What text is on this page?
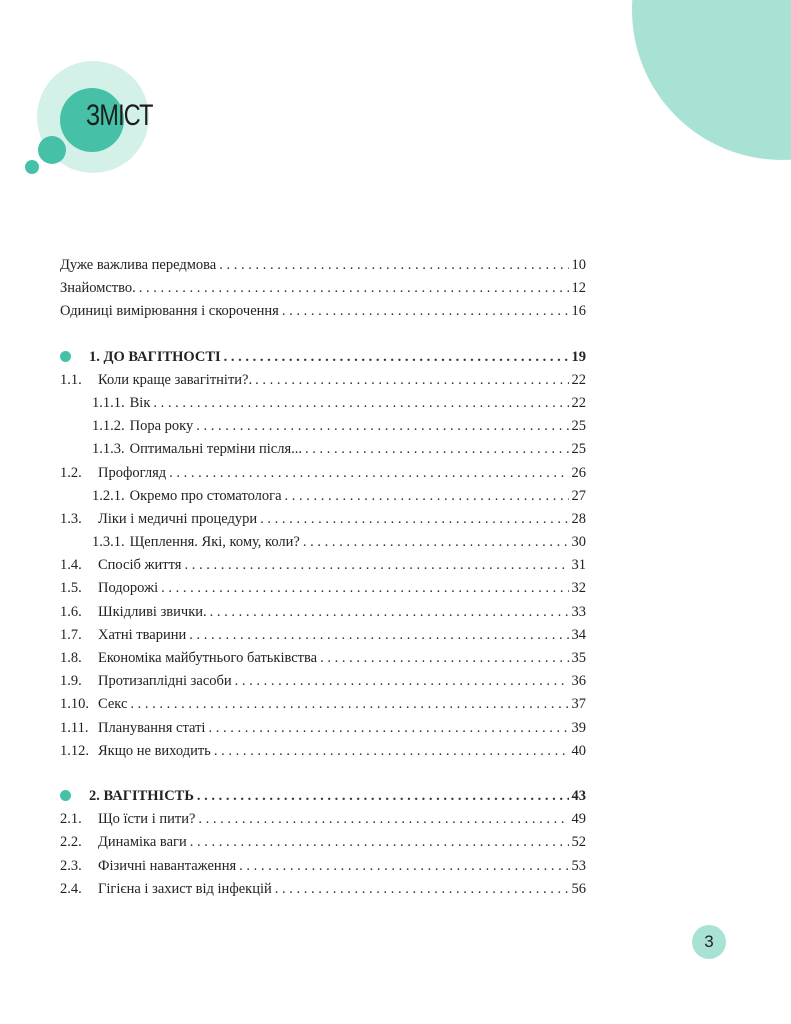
ЗМІСТ
Дуже важлива передмова . . .	10
Знайомство. . . .	12
Одиниці вимірювання і скорочення . . .	16
1. ДО ВАГІТНОСТІ . . .	19
1.1.	Коли краще завагітніти?. . . .	22
1.1.1. Вік . . .	22
1.1.2. Пора року . . .	25
1.1.3. Оптимальні терміни після... . . .	25
1.2.	Профогляд . . .	26
1.2.1. Окремо про стоматолога . . .	27
1.3.	Ліки і медичні процедури . . .	28
1.3.1. Щеплення. Які, кому, коли? . . .	30
1.4.	Спосіб життя . . .	31
1.5.	Подорожі . . .	32
1.6.	Шкідливі звички. . . .	33
1.7.	Хатні тварини . . .	34
1.8.	Економіка майбутнього батьківства . . .	35
1.9.	Протизаплідні засоби . . .	36
1.10. Секс . . .	37
1.11. Планування статі . . .	39
1.12. Якщо не виходить . . .	40
2. ВАГІТНІСТЬ . . .	43
2.1.	Що їсти і пити? . . .	49
2.2.	Динаміка ваги . . .	52
2.3.	Фізичні навантаження . . .	53
2.4.	Гігієна і захист від інфекцій . . .	56
3
